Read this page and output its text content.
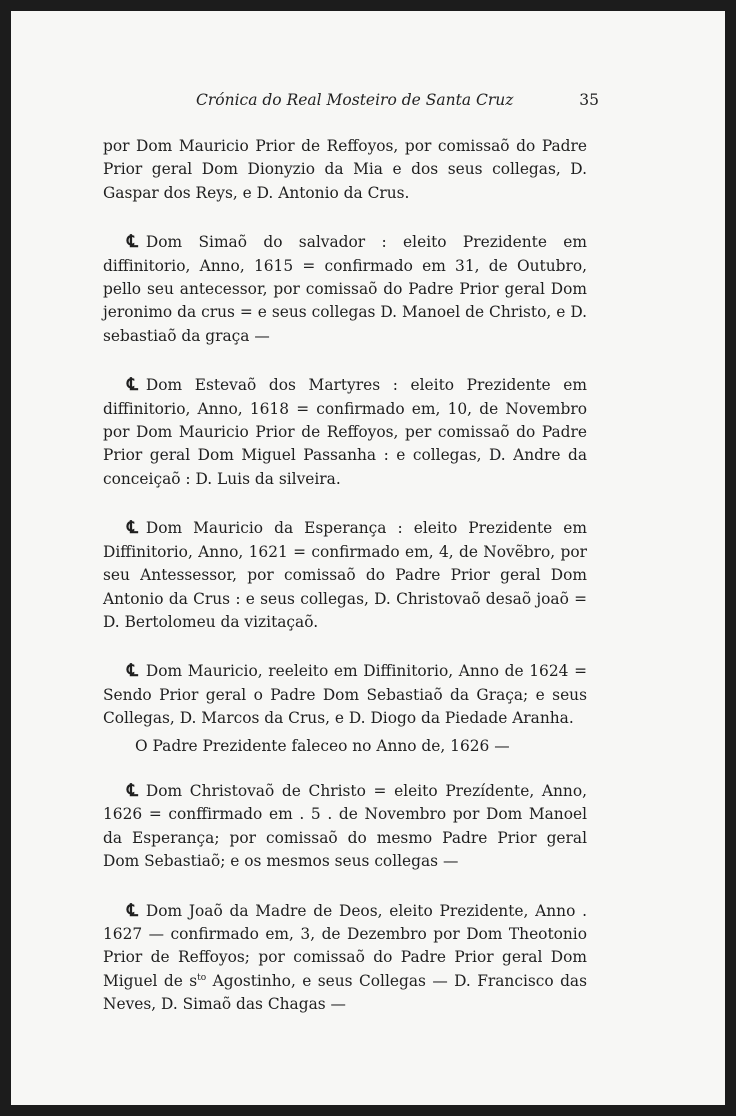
Crónica do Real Mosteiro de Santa Cruz	35

por Dom Mauricio Prior de Reffoyos, por comissaõ do Padre Prior geral Dom Dionyzio da Mia e dos seus collegas, D. Gaspar dos Reys, e D. Antonio da Crus.

℄ Dom Simaõ do salvador : eleito Prezidente em diffinitorio, Anno, 1615 = confirmado em 31, de Outubro, pello seu antecessor, por comissaõ do Padre Prior geral Dom jeronimo da crus = e seus collegas D. Manoel de Christo, e D. sebastiaõ da graça —

℄ Dom Estevaõ dos Martyres : eleito Prezidente em diffinitorio, Anno, 1618 = confirmado em, 10, de Novembro por Dom Mauricio Prior de Reffoyos, per comissaõ do Padre Prior geral Dom Miguel Passanha : e collegas, D. Andre da conceiçaõ : D. Luis da silveira.

℄ Dom Mauricio da Esperança : eleito Prezidente em Diffinitorio, Anno, 1621 = confirmado em, 4, de Novẽbro, por seu Antessessor, por comissaõ do Padre Prior geral Dom Antonio da Crus : e seus collegas, D. Christovaõ desaõ joaõ = D. Bertolomeu da vizitaçaõ.

℄ Dom Mauricio, reeleito em Diffinitorio, Anno de 1624 = Sendo Prior geral o Padre Dom Sebastiaõ da Graça; e seus Collegas, D. Marcos da Crus, e D. Diogo da Piedade Aranha.

O Padre Prezidente faleceo no Anno de, 1626 —

℄ Dom Christovaõ de Christo = eleito Prezídente, Anno, 1626 = conffirmado em . 5 . de Novembro por Dom Manoel da Esperança; por comissaõ do mesmo Padre Prior geral Dom Sebastiaõ; e os mesmos seus collegas —

℄ Dom Joaõ da Madre de Deos, eleito Prezidente, Anno . 1627 — confirmado em, 3, de Dezembro por Dom Theotonio Prior de Reffoyos; por comissaõ do Padre Prior geral Dom Miguel de $s^{to}$ Agostinho, e seus Collegas — D. Francisco das Neves, D. Simaõ das Chagas —
